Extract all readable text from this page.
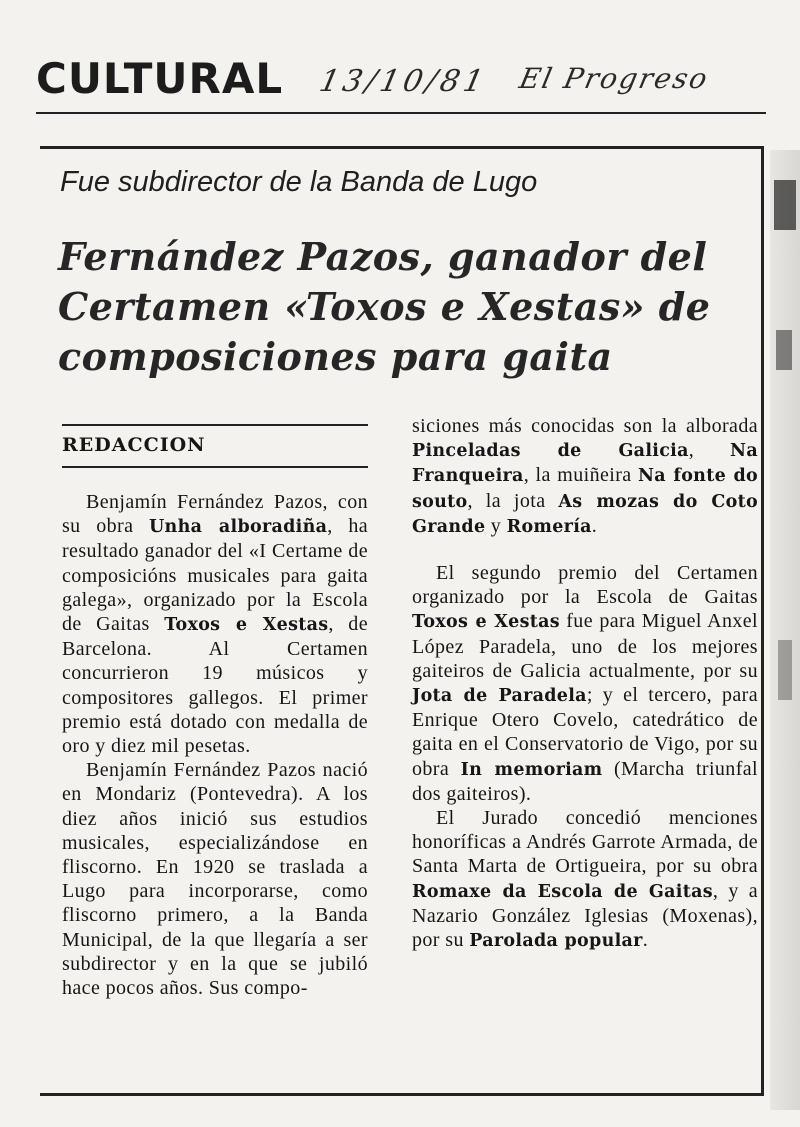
CULTURAL 13/10/81 El Progreso
Fue subdirector de la Banda de Lugo
Fernández Pazos, ganador del Certamen «Toxos e Xestas» de composiciones para gaita
REDACCION

Benjamín Fernández Pazos, con su obra Unha alboradiña, ha resultado ganador del «I Certame de composicións musicales para gaita galega», organizado por la Escola de Gaitas Toxos e Xestas, de Barcelona. Al Certamen concurrieron 19 músicos y compositores gallegos. El primer premio está dotado con medalla de oro y diez mil pesetas.

Benjamín Fernández Pazos nació en Mondariz (Pontevedra). A los diez años inició sus estudios musicales, especializándose en fliscorno. En 1920 se traslada a Lugo para incorporarse, como fliscorno primero, a la Banda Municipal, de la que llegaría a ser subdirector y en la que se jubiló hace pocos años. Sus compo-

siciones más conocidas son la alborada Pinceladas de Galicia, Na Franqueira, la muiñeira Na fonte do souto, la jota As mozas do Coto Grande y Romería.

El segundo premio del Certamen organizado por la Escola de Gaitas Toxos e Xestas fue para Miguel Anxel López Paradela, uno de los mejores gaiteiros de Galicia actualmente, por su Jota de Paradela; y el tercero, para Enrique Otero Covelo, catedrático de gaita en el Conservatorio de Vigo, por su obra In memoriam (Marcha triunfal dos gaiteiros).

El Jurado concedió menciones honoríficas a Andrés Garrote Armada, de Santa Marta de Ortigueira, por su obra Romaxe da Escola de Gaitas, y a Nazario González Iglesias (Moxenas), por su Parolada popular.
